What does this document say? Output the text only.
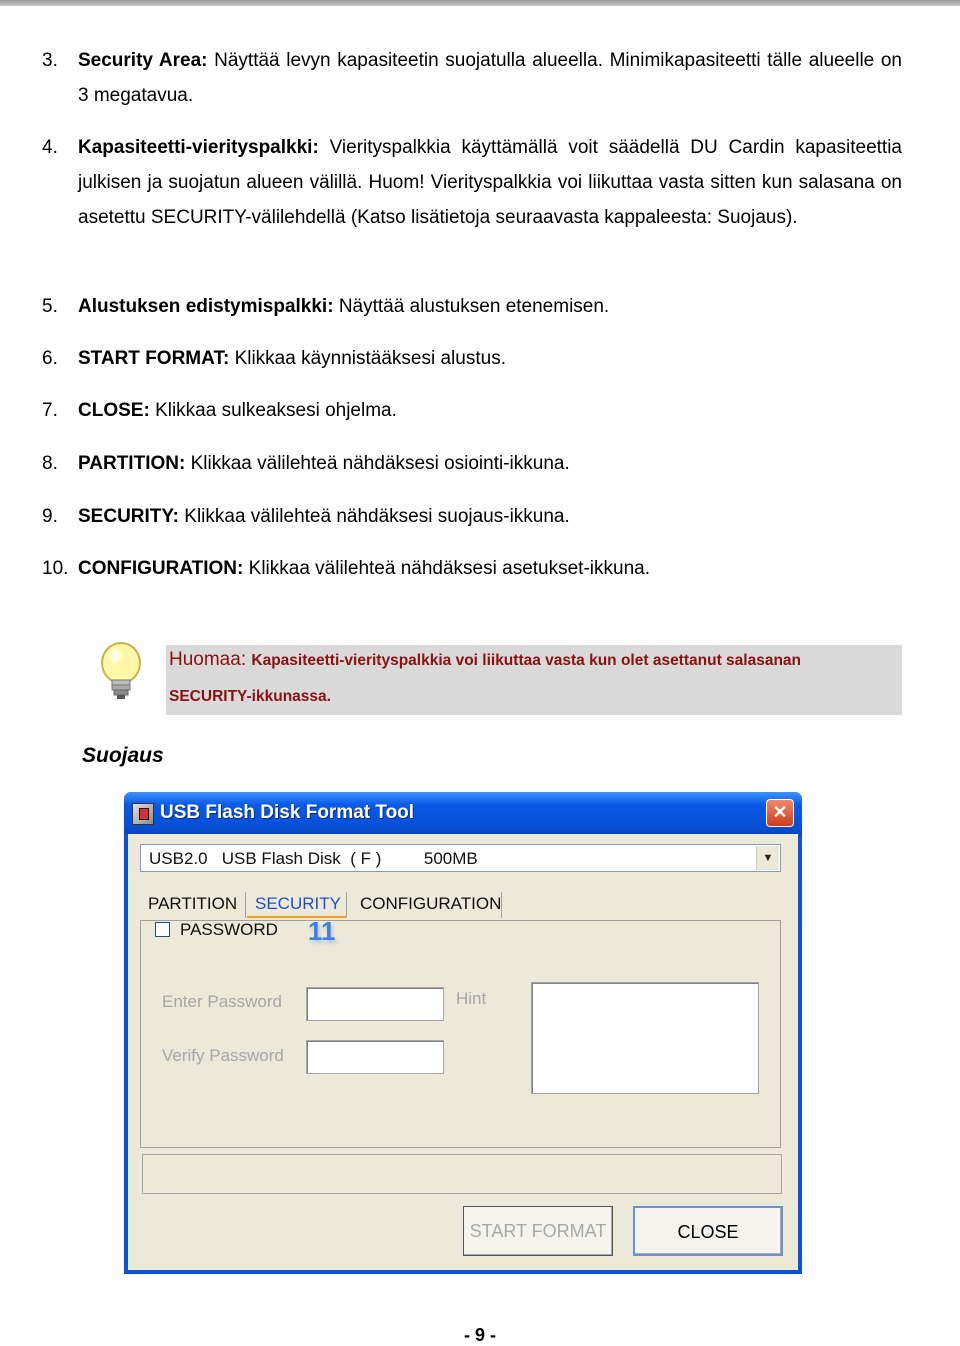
3. Security Area: Näyttää levyn kapasiteetin suojatulla alueella. Minimikapasiteetti tälle alueelle on 3 megatavua.
4. Kapasiteetti-vierityspalkki: Vierityspalkkia käyttämällä voit säädellä DU Cardin kapasiteettia julkisen ja suojatun alueen välillä. Huom! Vierityspalkkia voi liikuttaa vasta sitten kun salasana on asetettu SECURITY-välilehdellä (Katso lisätietoja seuraavasta kappaleesta: Suojaus).
5. Alustuksen edistymispalkki: Näyttää alustuksen etenemisen.
6. START FORMAT: Klikkaa käynnistääksesi alustus.
7. CLOSE: Klikkaa sulkeaksesi ohjelma.
8. PARTITION: Klikkaa välilehteä nähdäksesi osiointi-ikkuna.
9. SECURITY: Klikkaa välilehteä nähdäksesi suojaus-ikkuna.
10. CONFIGURATION: Klikkaa välilehteä nähdäksesi asetukset-ikkuna.
Huomaa: Kapasiteetti-vierityspalkkia voi liikuttaa vasta kun olet asettanut salasanan
SECURITY-ikkunassa.
Suojaus
USB Flash Disk Format Tool	✕
USB2.0   USB Flash Disk  ( F )         500MB	▼
PARTITION	SECURITY	CONFIGURATION
PASSWORD 11
Enter Password	Hint
Verify Password
START FORMAT	CLOSE
- 9 -
